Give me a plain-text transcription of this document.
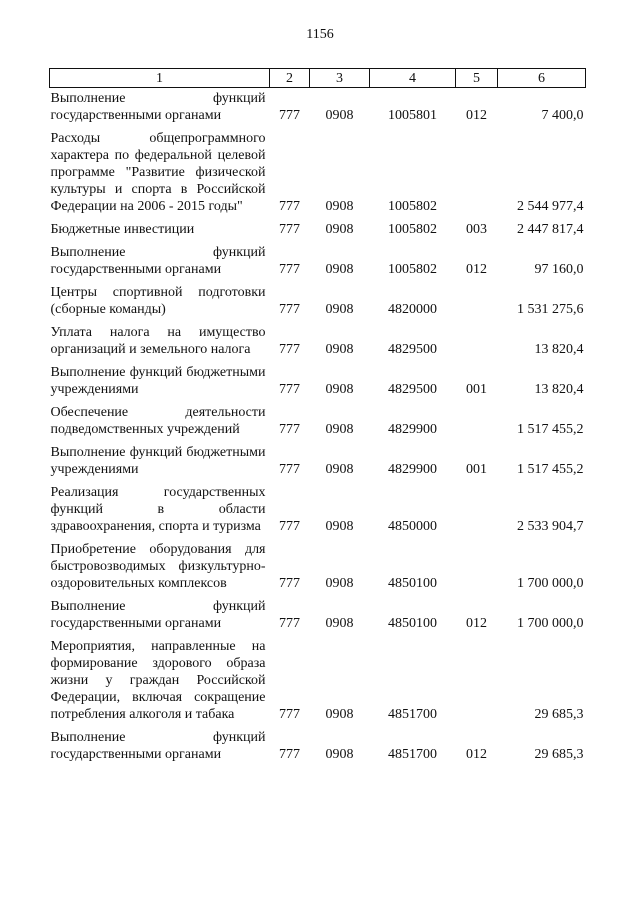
1156
1	2	3	4	5	6
Выполнение функций государственными органами	777	0908	1005801	012	7 400,0
Расходы общепрограммного характера по федеральной целевой программе "Развитие физической культуры и спорта в Российской Федерации на 2006 - 2015 годы"	777	0908	1005802		2 544 977,4
Бюджетные инвестиции	777	0908	1005802	003	2 447 817,4
Выполнение функций государственными органами	777	0908	1005802	012	97 160,0
Центры спортивной подготовки (сборные команды)	777	0908	4820000		1 531 275,6
Уплата налога на имущество организаций и земельного налога	777	0908	4829500		13 820,4
Выполнение функций бюджетными учреждениями	777	0908	4829500	001	13 820,4
Обеспечение деятельности подведомственных учреждений	777	0908	4829900		1 517 455,2
Выполнение функций бюджетными учреждениями	777	0908	4829900	001	1 517 455,2
Реализация государственных функций в области здравоохранения, спорта и туризма	777	0908	4850000		2 533 904,7
Приобретение оборудования для быстровозводимых физкультурно-оздоровительных комплексов	777	0908	4850100		1 700 000,0
Выполнение функций государственными органами	777	0908	4850100	012	1 700 000,0
Мероприятия, направленные на формирование здорового образа жизни у граждан Российской Федерации, включая сокращение потребления алкоголя и табака	777	0908	4851700		29 685,3
Выполнение функций государственными органами	777	0908	4851700	012	29 685,3
